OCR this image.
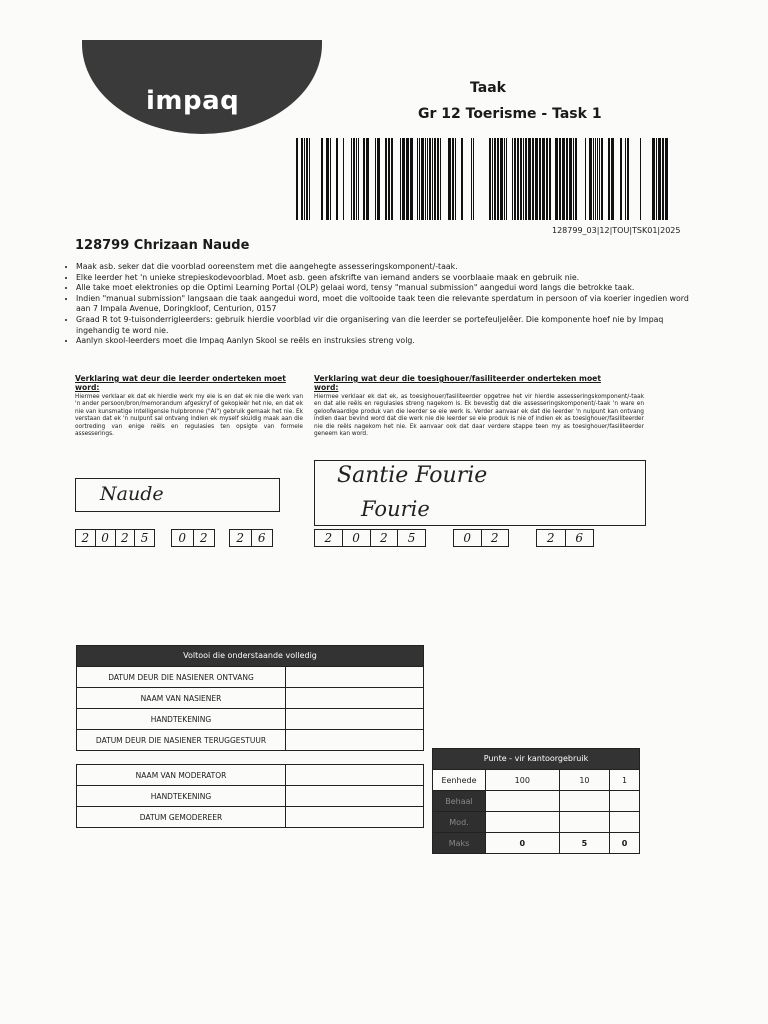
impaq	Taak
Gr 12 Toerisme - Task 1
128799_03|12|TOU|TSK01|2025
128799 Chrizaan Naude
• Maak asb. seker dat die voorblad ooreenstem met die aangehegte assesseringskomponent/-taak.
• Elke leerder het 'n unieke strepieskodevoorblad. Moet asb. geen afskrifte van iemand anders se voorblaaie maak en gebruik nie.
• Alle take moet elektronies op die Optimi Learning Portal (OLP) gelaai word, tensy "manual submission" aangedui word langs die betrokke taak.
• Indien "manual submission" langsaan die taak aangedui word, moet die voltooide taak teen die relevante sperdatum in persoon of via koerier ingedien word aan 7 Impala Avenue, Doringkloof, Centurion, 0157
• Graad R tot 9-tuisonderrigleerders: gebruik hierdie voorblad vir die organisering van die leerder se portefeuljelêer. Die komponente hoef nie by Impaq ingehandig te word nie.
• Aanlyn skool-leerders moet die Impaq Aanlyn Skool se reëls en instruksies streng volg.
Verklaring wat deur die leerder onderteken moet word:
Hiermee verklaar ek dat ek hierdie werk my eie is en dat ek nie die werk van 'n ander persoon/bron/memorandum afgeskryf of gekopieër het nie, en dat ek nie van kunsmatige intelligensie hulpbronne ("AI") gebruik gemaak het nie. Ek verstaan dat ek 'n nulpunt sal ontvang indien ek myself skuldig maak aan die oortreding van enige reëls en regulasies ten opsigte van formele assesserings.
Naude
2	0	2	5	0	2	2	6
Verklaring wat deur die toesighouer/fasiliteerder onderteken moet word:
Hiermee verklaar ek dat ek, as toesighouer/fasiliteerder opgetree het vir hierdie assesseringskomponent/-taak en dat alle reëls en regulasies streng nagekom is. Ek bevestig dat die assesseringskomponent/-taak 'n ware en geloofwaardige produk van die leerder se eie werk is. Verder aanvaar ek dat die leerder 'n nulpunt kan ontvang indien daar bevind word dat die werk nie die leerder se eie produk is nie of indien ek as toesighouer/fasiliteerder nie die reëls nagekom het nie. Ek aanvaar ook dat daar verdere stappe teen my as toesighouer/fasiliteerder geneem kan word.
Santie Fourie
Fourie
2	0	2	5	0	2	2	6
Voltooi die onderstaande volledig	
DATUM DEUR DIE NASIENER ONTVANG	
NAAM VAN NASIENER	
HANDTEKENING	
DATUM DEUR DIE NASIENER TERUGGESTUUR	
NAAM VAN MODERATOR	
HANDTEKENING	
DATUM GEMODEREER	
Punte - vir kantoorgebruik			
Eenhede	100	10	1
Behaal			
Mod.			
Maks	0	5	0
